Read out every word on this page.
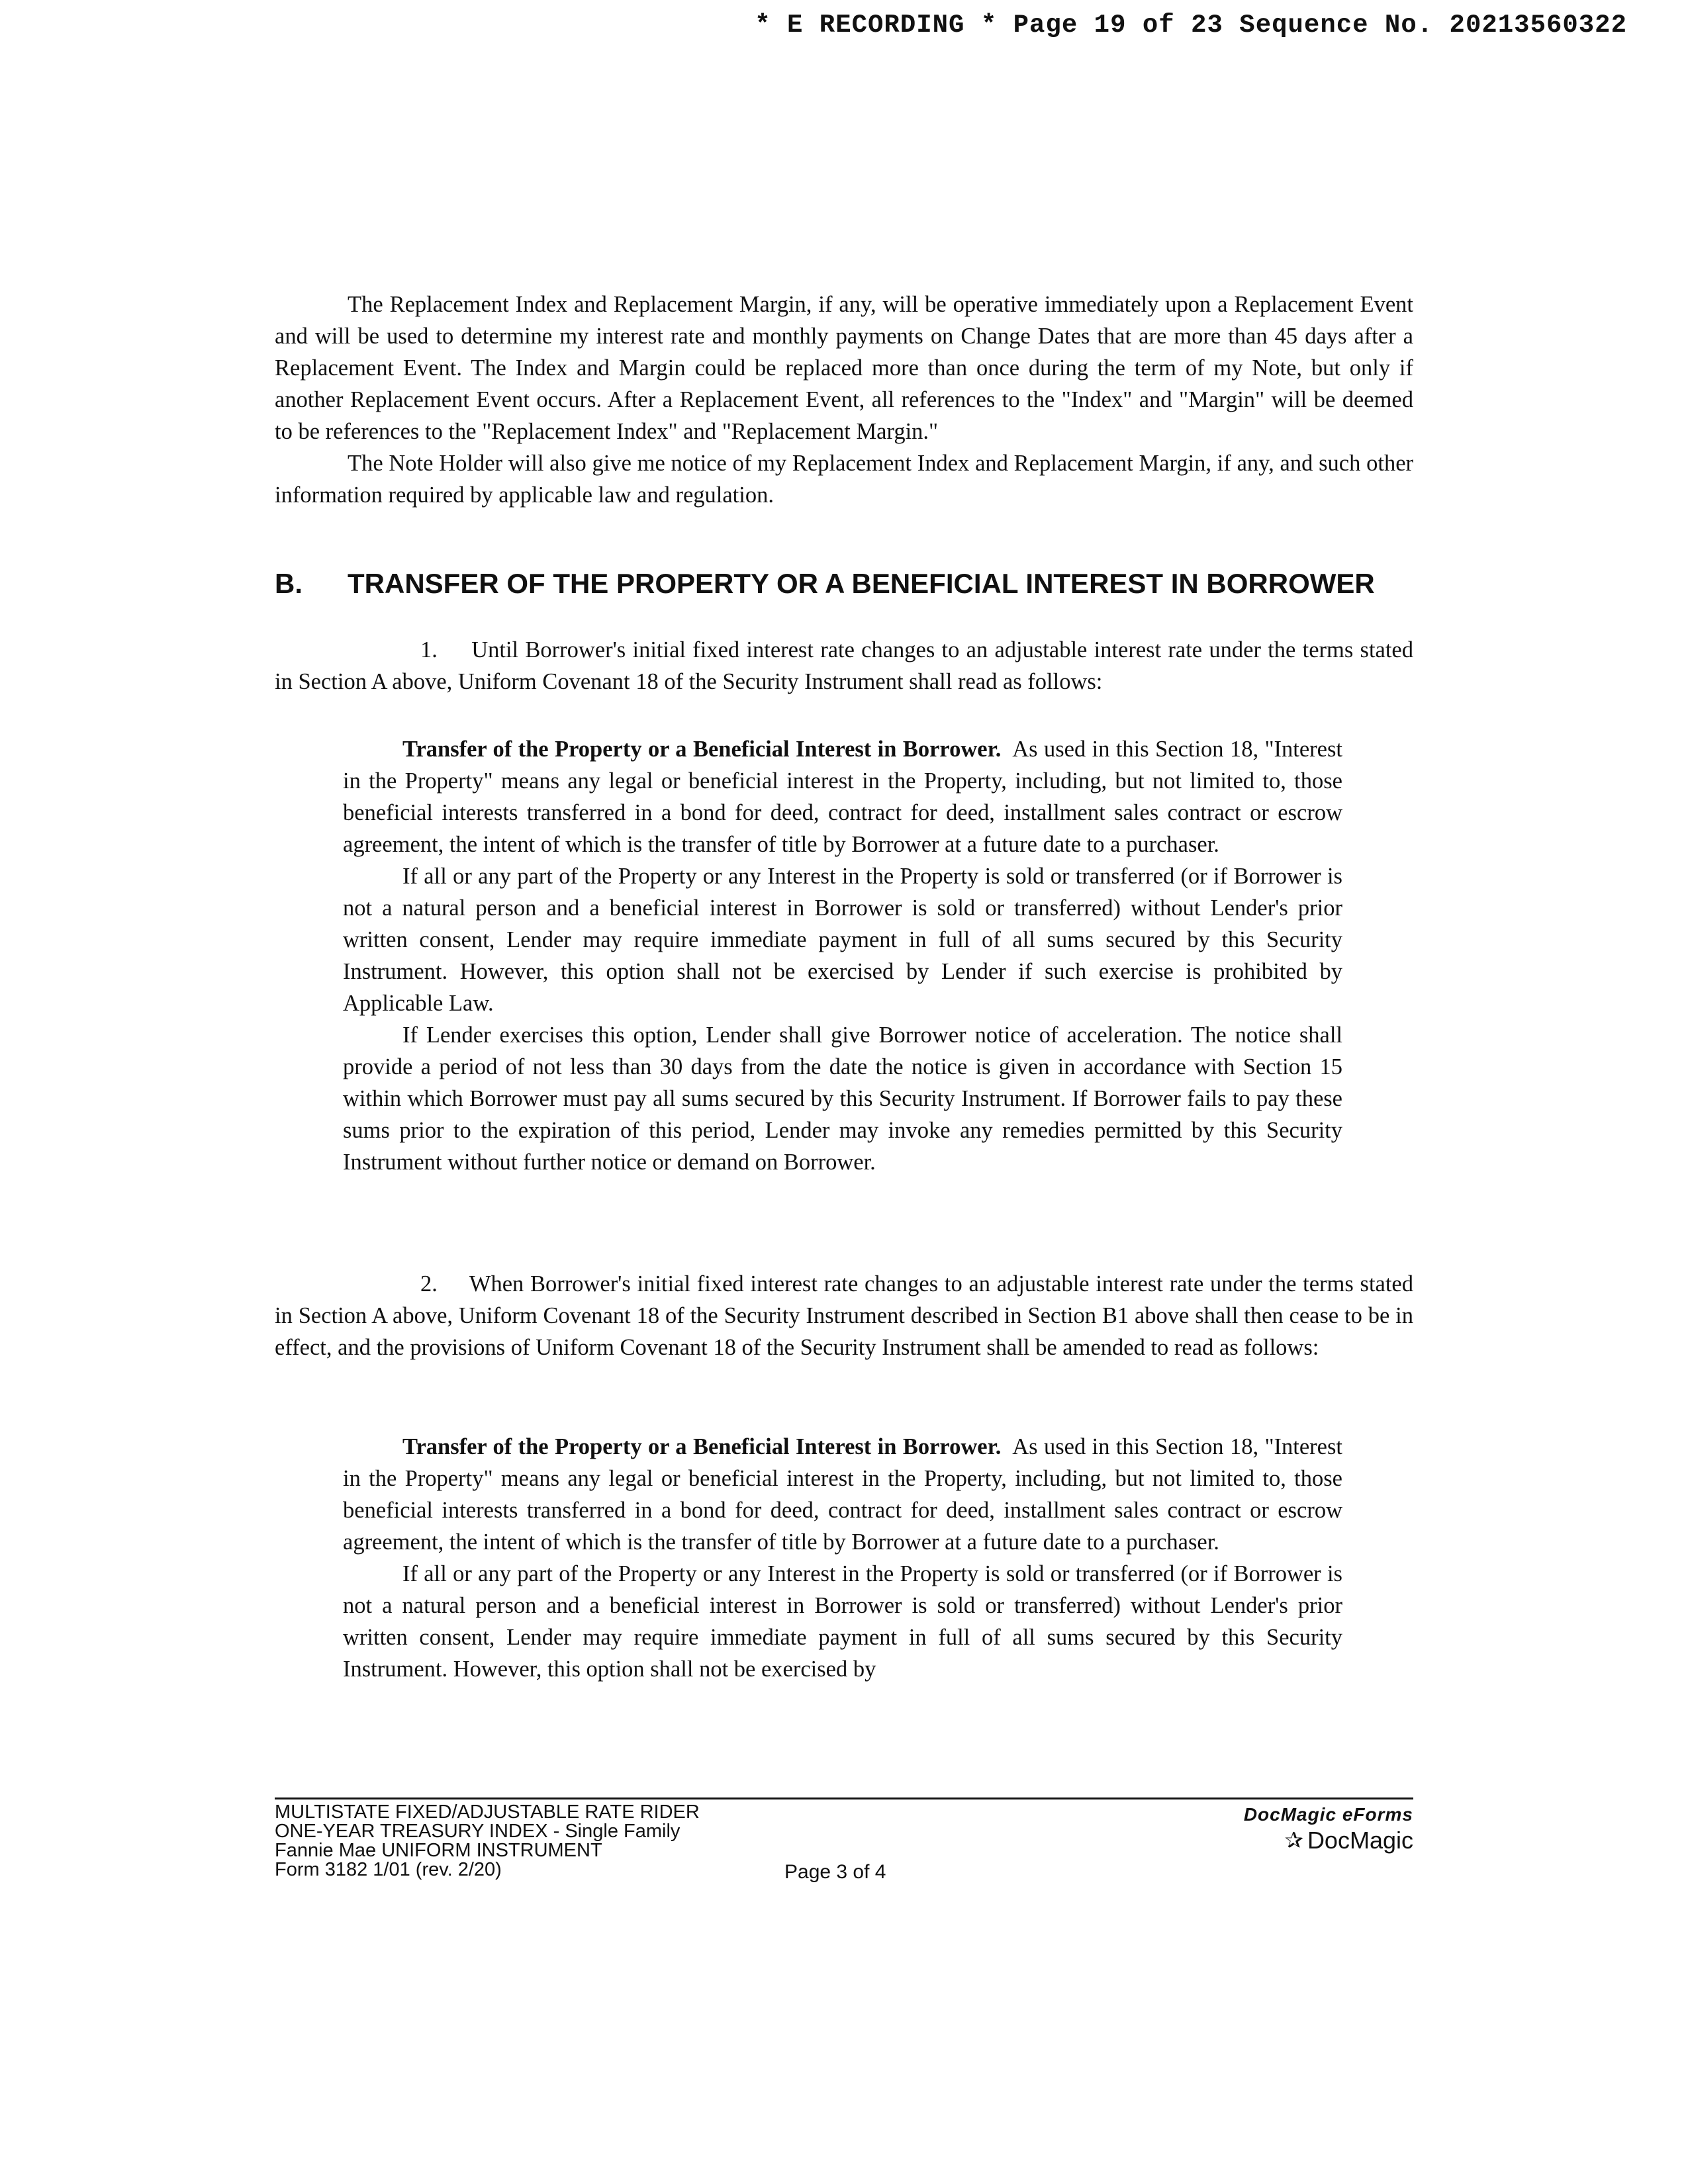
* E RECORDING * Page 19 of 23 Sequence No. 20213560322

The Replacement Index and Replacement Margin, if any, will be operative immediately upon a Replacement Event and will be used to determine my interest rate and monthly payments on Change Dates that are more than 45 days after a Replacement Event. The Index and Margin could be replaced more than once during the term of my Note, but only if another Replacement Event occurs. After a Replacement Event, all references to the "Index" and "Margin" will be deemed to be references to the "Replacement Index" and "Replacement Margin."

The Note Holder will also give me notice of my Replacement Index and Replacement Margin, if any, and such other information required by applicable law and regulation.

B.	TRANSFER OF THE PROPERTY OR A BENEFICIAL INTEREST IN BORROWER

1. Until Borrower's initial fixed interest rate changes to an adjustable interest rate under the terms stated in Section A above, Uniform Covenant 18 of the Security Instrument shall read as follows:

Transfer of the Property or a Beneficial Interest in Borrower. As used in this Section 18, "Interest in the Property" means any legal or beneficial interest in the Property, including, but not limited to, those beneficial interests transferred in a bond for deed, contract for deed, installment sales contract or escrow agreement, the intent of which is the transfer of title by Borrower at a future date to a purchaser.

If all or any part of the Property or any Interest in the Property is sold or transferred (or if Borrower is not a natural person and a beneficial interest in Borrower is sold or transferred) without Lender's prior written consent, Lender may require immediate payment in full of all sums secured by this Security Instrument. However, this option shall not be exercised by Lender if such exercise is prohibited by Applicable Law.

If Lender exercises this option, Lender shall give Borrower notice of acceleration. The notice shall provide a period of not less than 30 days from the date the notice is given in accordance with Section 15 within which Borrower must pay all sums secured by this Security Instrument. If Borrower fails to pay these sums prior to the expiration of this period, Lender may invoke any remedies permitted by this Security Instrument without further notice or demand on Borrower.

2. When Borrower's initial fixed interest rate changes to an adjustable interest rate under the terms stated in Section A above, Uniform Covenant 18 of the Security Instrument described in Section B1 above shall then cease to be in effect, and the provisions of Uniform Covenant 18 of the Security Instrument shall be amended to read as follows:

Transfer of the Property or a Beneficial Interest in Borrower. As used in this Section 18, "Interest in the Property" means any legal or beneficial interest in the Property, including, but not limited to, those beneficial interests transferred in a bond for deed, contract for deed, installment sales contract or escrow agreement, the intent of which is the transfer of title by Borrower at a future date to a purchaser.

If all or any part of the Property or any Interest in the Property is sold or transferred (or if Borrower is not a natural person and a beneficial interest in Borrower is sold or transferred) without Lender's prior written consent, Lender may require immediate payment in full of all sums secured by this Security Instrument. However, this option shall not be exercised by

MULTISTATE FIXED/ADJUSTABLE RATE RIDER
ONE-YEAR TREASURY INDEX - Single Family
Fannie Mae UNIFORM INSTRUMENT
Form 3182 1/01 (rev. 2/20)	Page 3 of 4
DocMagic eForms
✰ DocMagic
